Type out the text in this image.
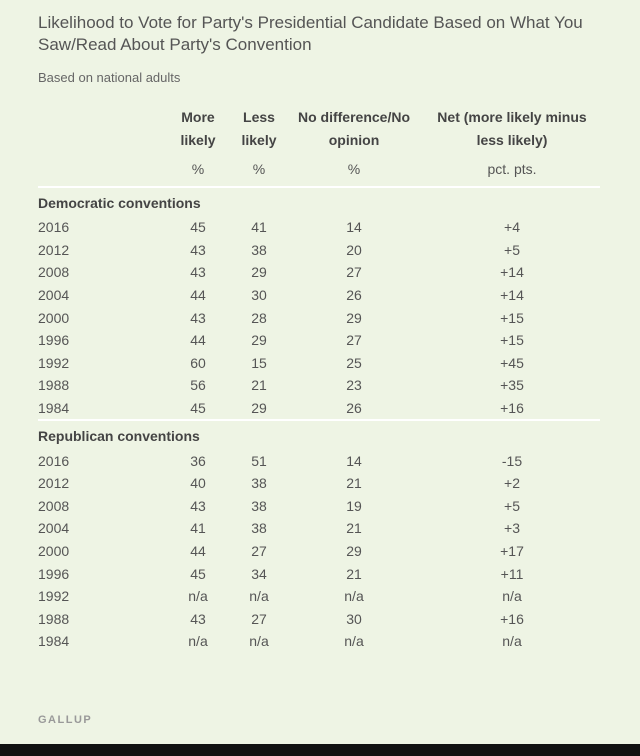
Likelihood to Vote for Party's Presidential Candidate Based on What You Saw/Read About Party's Convention
Based on national adults
	More likely	Less likely	No difference/No opinion	Net (more likely minus less likely)
	%	%	%	pct. pts.
Democratic conventions				
2016	45	41	14	+4
2012	43	38	20	+5
2008	43	29	27	+14
2004	44	30	26	+14
2000	43	28	29	+15
1996	44	29	27	+15
1992	60	15	25	+45
1988	56	21	23	+35
1984	45	29	26	+16
Republican conventions				
2016	36	51	14	-15
2012	40	38	21	+2
2008	43	38	19	+5
2004	41	38	21	+3
2000	44	27	29	+17
1996	45	34	21	+11
1992	n/a	n/a	n/a	n/a
1988	43	27	30	+16
1984	n/a	n/a	n/a	n/a
GALLUP
